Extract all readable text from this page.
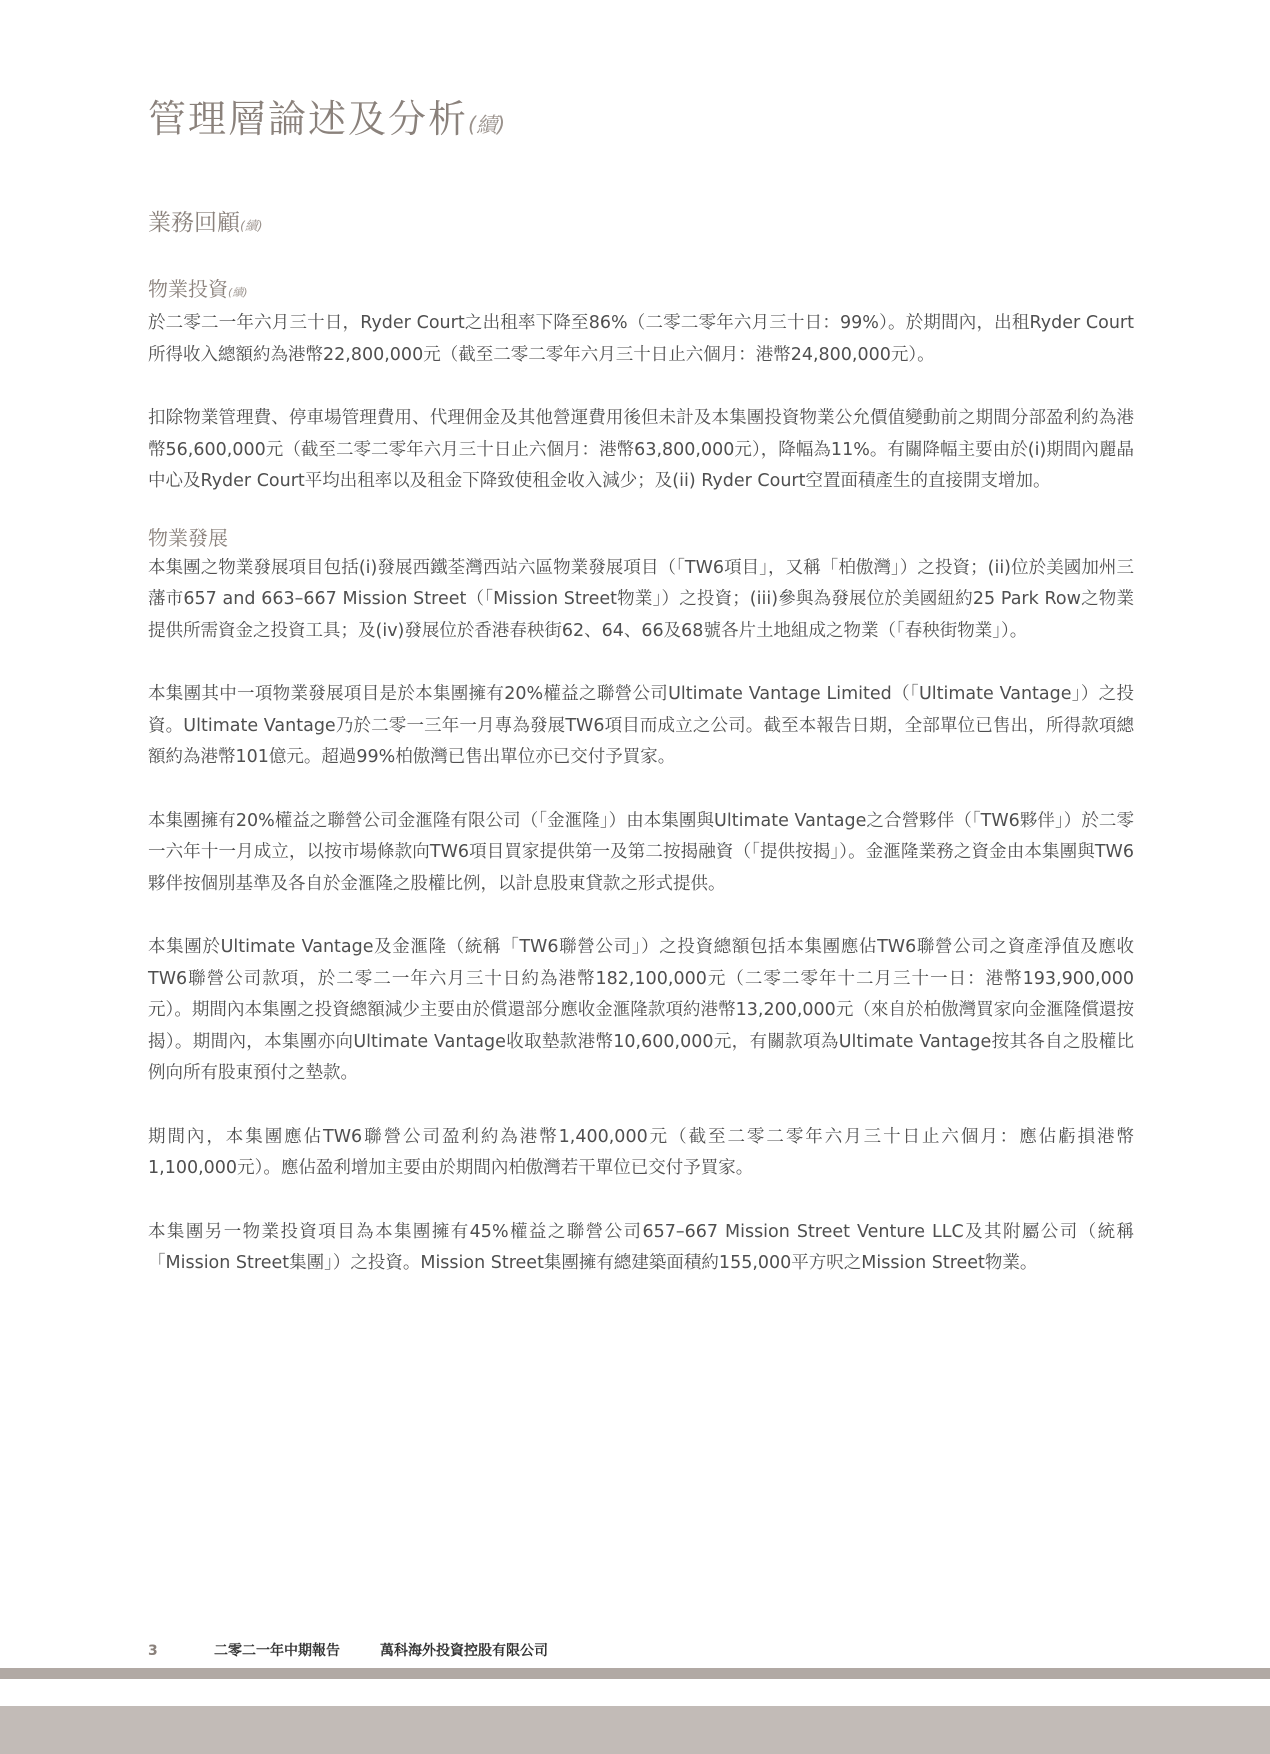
管理層論述及分析(續)
業務回顧(續)
物業投資(續)

於二零二一年六月三十日，Ryder Court之出租率下降至86%（二零二零年六月三十日：99%）。於期間內，出租Ryder Court所得收入總額約為港幣22,800,000元（截至二零二零年六月三十日止六個月：港幣24,800,000元）。

扣除物業管理費、停車場管理費用、代理佣金及其他營運費用後但未計及本集團投資物業公允價值變動前之期間分部盈利約為港幣56,600,000元（截至二零二零年六月三十日止六個月：港幣63,800,000元），降幅為11%。有關降幅主要由於(i)期間內麗晶中心及Ryder Court平均出租率以及租金下降致使租金收入減少；及(ii) Ryder Court空置面積產生的直接開支增加。

物業發展

本集團之物業發展項目包括(i)發展西鐵荃灣西站六區物業發展項目（「TW6項目」，又稱「柏傲灣」）之投資；(ii)位於美國加州三藩市657 and 663–667 Mission Street（「Mission Street物業」）之投資；(iii)參與為發展位於美國紐約25 Park Row之物業提供所需資金之投資工具；及(iv)發展位於香港春秧街62、64、66及68號各片土地組成之物業（「春秧街物業」）。

本集團其中一項物業發展項目是於本集團擁有20%權益之聯營公司Ultimate Vantage Limited（「Ultimate Vantage」）之投資。Ultimate Vantage乃於二零一三年一月專為發展TW6項目而成立之公司。截至本報告日期，全部單位已售出，所得款項總額約為港幣101億元。超過99%柏傲灣已售出單位亦已交付予買家。

本集團擁有20%權益之聯營公司金滙隆有限公司（「金滙隆」）由本集團與Ultimate Vantage之合營夥伴（「TW6夥伴」）於二零一六年十一月成立，以按市場條款向TW6項目買家提供第一及第二按揭融資（「提供按揭」）。金滙隆業務之資金由本集團與TW6夥伴按個別基準及各自於金滙隆之股權比例，以計息股東貸款之形式提供。

本集團於Ultimate Vantage及金滙隆（統稱「TW6聯營公司」）之投資總額包括本集團應佔TW6聯營公司之資產淨值及應收TW6聯營公司款項，於二零二一年六月三十日約為港幣182,100,000元（二零二零年十二月三十一日：港幣193,900,000元）。期間內本集團之投資總額減少主要由於償還部分應收金滙隆款項約港幣13,200,000元（來自於柏傲灣買家向金滙隆償還按揭）。期間內，本集團亦向Ultimate Vantage收取墊款港幣10,600,000元，有關款項為Ultimate Vantage按其各自之股權比例向所有股東預付之墊款。

期間內，本集團應佔TW6聯營公司盈利約為港幣1,400,000元（截至二零二零年六月三十日止六個月：應佔虧損港幣1,100,000元）。應佔盈利增加主要由於期間內柏傲灣若干單位已交付予買家。

本集團另一物業投資項目為本集團擁有45%權益之聯營公司657–667 Mission Street Venture LLC及其附屬公司（統稱「Mission Street集團」）之投資。Mission Street集團擁有總建築面積約155,000平方呎之Mission Street物業。

3	二零二一年中期報告	萬科海外投資控股有限公司
